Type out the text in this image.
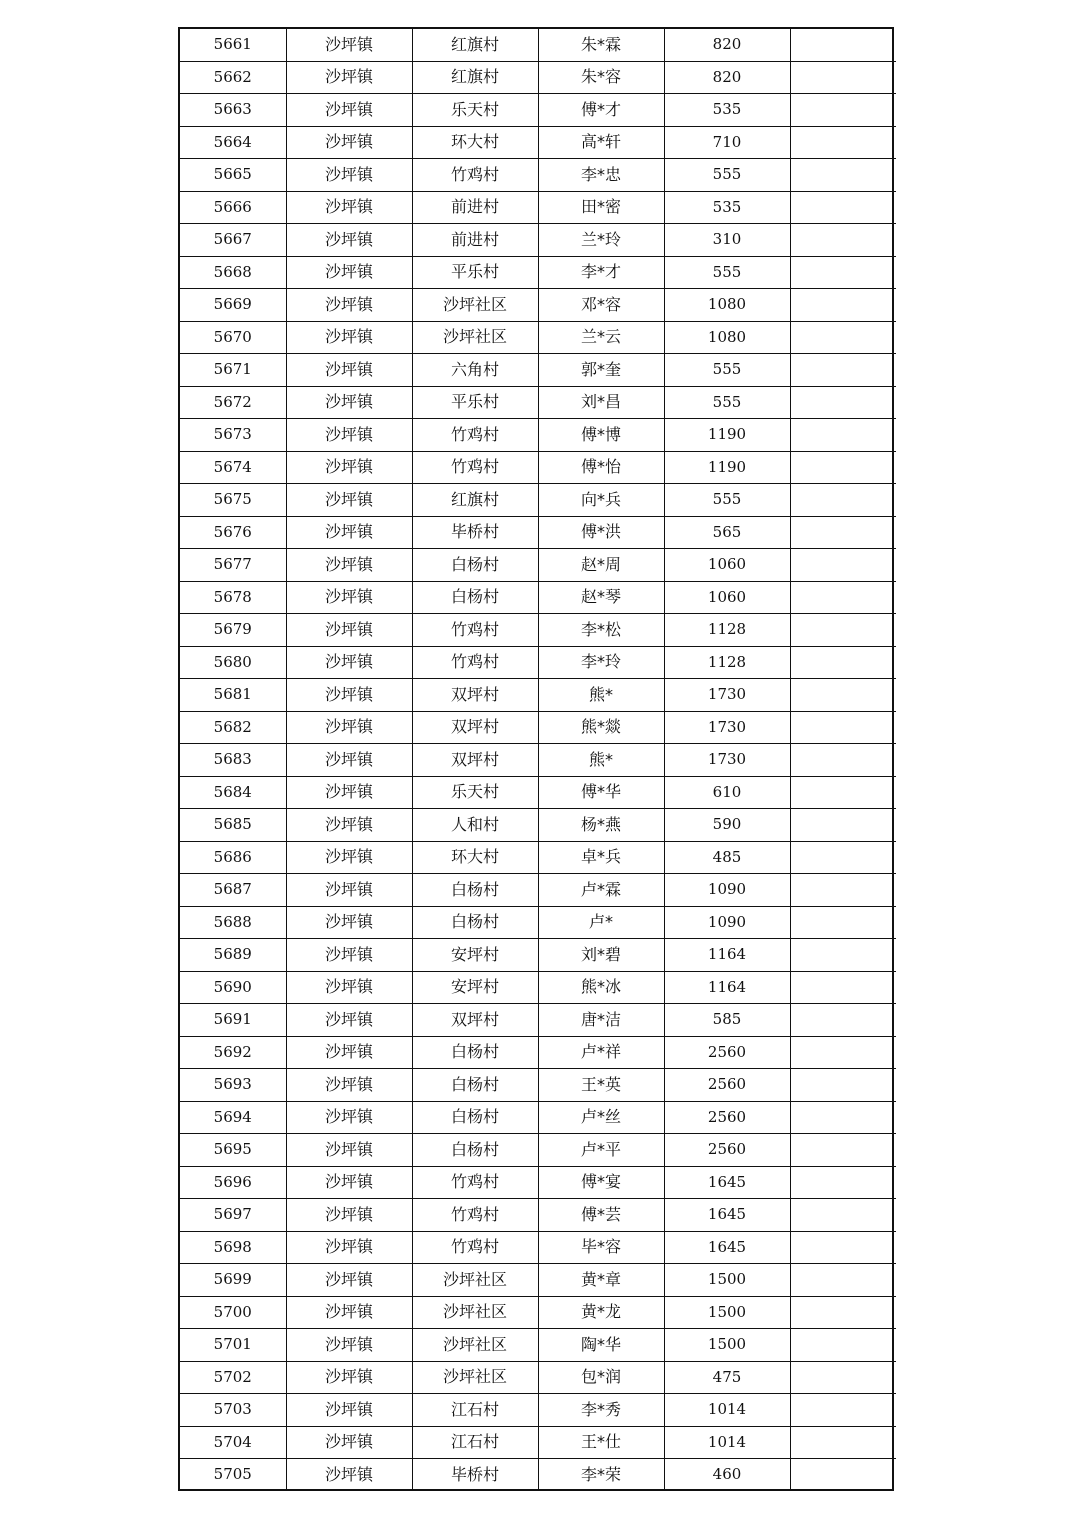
5661	沙坪镇	红旗村	朱*霖	820	
5662	沙坪镇	红旗村	朱*容	820	
5663	沙坪镇	乐天村	傅*才	535	
5664	沙坪镇	环大村	高*轩	710	
5665	沙坪镇	竹鸡村	李*忠	555	
5666	沙坪镇	前进村	田*密	535	
5667	沙坪镇	前进村	兰*玲	310	
5668	沙坪镇	平乐村	李*才	555	
5669	沙坪镇	沙坪社区	邓*容	1080	
5670	沙坪镇	沙坪社区	兰*云	1080	
5671	沙坪镇	六角村	郭*奎	555	
5672	沙坪镇	平乐村	刘*昌	555	
5673	沙坪镇	竹鸡村	傅*博	1190	
5674	沙坪镇	竹鸡村	傅*怡	1190	
5675	沙坪镇	红旗村	向*兵	555	
5676	沙坪镇	毕桥村	傅*洪	565	
5677	沙坪镇	白杨村	赵*周	1060	
5678	沙坪镇	白杨村	赵*琴	1060	
5679	沙坪镇	竹鸡村	李*松	1128	
5680	沙坪镇	竹鸡村	李*玲	1128	
5681	沙坪镇	双坪村	熊*	1730	
5682	沙坪镇	双坪村	熊*燚	1730	
5683	沙坪镇	双坪村	熊*	1730	
5684	沙坪镇	乐天村	傅*华	610	
5685	沙坪镇	人和村	杨*燕	590	
5686	沙坪镇	环大村	卓*兵	485	
5687	沙坪镇	白杨村	卢*霖	1090	
5688	沙坪镇	白杨村	卢*	1090	
5689	沙坪镇	安坪村	刘*碧	1164	
5690	沙坪镇	安坪村	熊*冰	1164	
5691	沙坪镇	双坪村	唐*洁	585	
5692	沙坪镇	白杨村	卢*祥	2560	
5693	沙坪镇	白杨村	王*英	2560	
5694	沙坪镇	白杨村	卢*丝	2560	
5695	沙坪镇	白杨村	卢*平	2560	
5696	沙坪镇	竹鸡村	傅*宴	1645	
5697	沙坪镇	竹鸡村	傅*芸	1645	
5698	沙坪镇	竹鸡村	毕*容	1645	
5699	沙坪镇	沙坪社区	黄*章	1500	
5700	沙坪镇	沙坪社区	黄*龙	1500	
5701	沙坪镇	沙坪社区	陶*华	1500	
5702	沙坪镇	沙坪社区	包*润	475	
5703	沙坪镇	江石村	李*秀	1014	
5704	沙坪镇	江石村	王*仕	1014	
5705	沙坪镇	毕桥村	李*荣	460	
